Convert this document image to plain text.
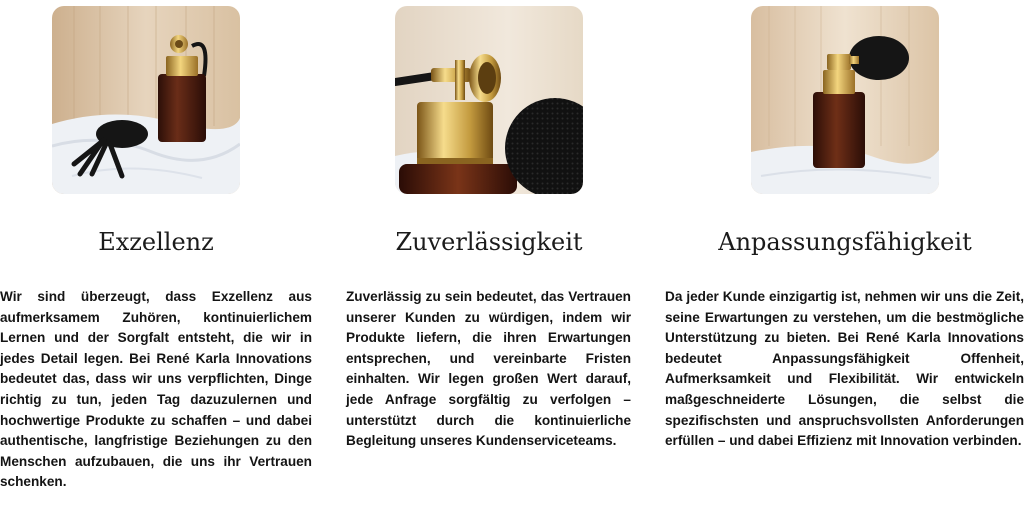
Exzellenz	Zuverlässigkeit	Anpassungsfähigkeit

Wir sind überzeugt, dass Exzellenz aus aufmerksamem Zuhören, kontinuierlichem Lernen und der Sorgfalt entsteht, die wir in jedes Detail legen. Bei René Karla Innovations bedeutet das, dass wir uns verpflichten, Dinge richtig zu tun, jeden Tag dazuzulernen und hochwertige Produkte zu schaffen – und dabei authentische, langfristige Beziehungen zu den Menschen aufzubauen, die uns ihr Vertrauen schenken.

Zuverlässig zu sein bedeutet, das Vertrauen unserer Kunden zu würdigen, indem wir Produkte liefern, die ihren Erwartungen entsprechen, und vereinbarte Fristen einhalten. Wir legen großen Wert darauf, jede Anfrage sorgfältig zu verfolgen – unterstützt durch die kontinuierliche Begleitung unseres Kundenserviceteams.

Da jeder Kunde einzigartig ist, nehmen wir uns die Zeit, seine Erwartungen zu verstehen, um die bestmögliche Unterstützung zu bieten. Bei René Karla Innovations bedeutet Anpassungsfähigkeit Offenheit, Aufmerksamkeit und Flexibilität. Wir entwickeln maßgeschneiderte Lösungen, die selbst die spezifischsten und anspruchsvollsten Anforderungen erfüllen – und dabei Effizienz mit Innovation verbinden.
